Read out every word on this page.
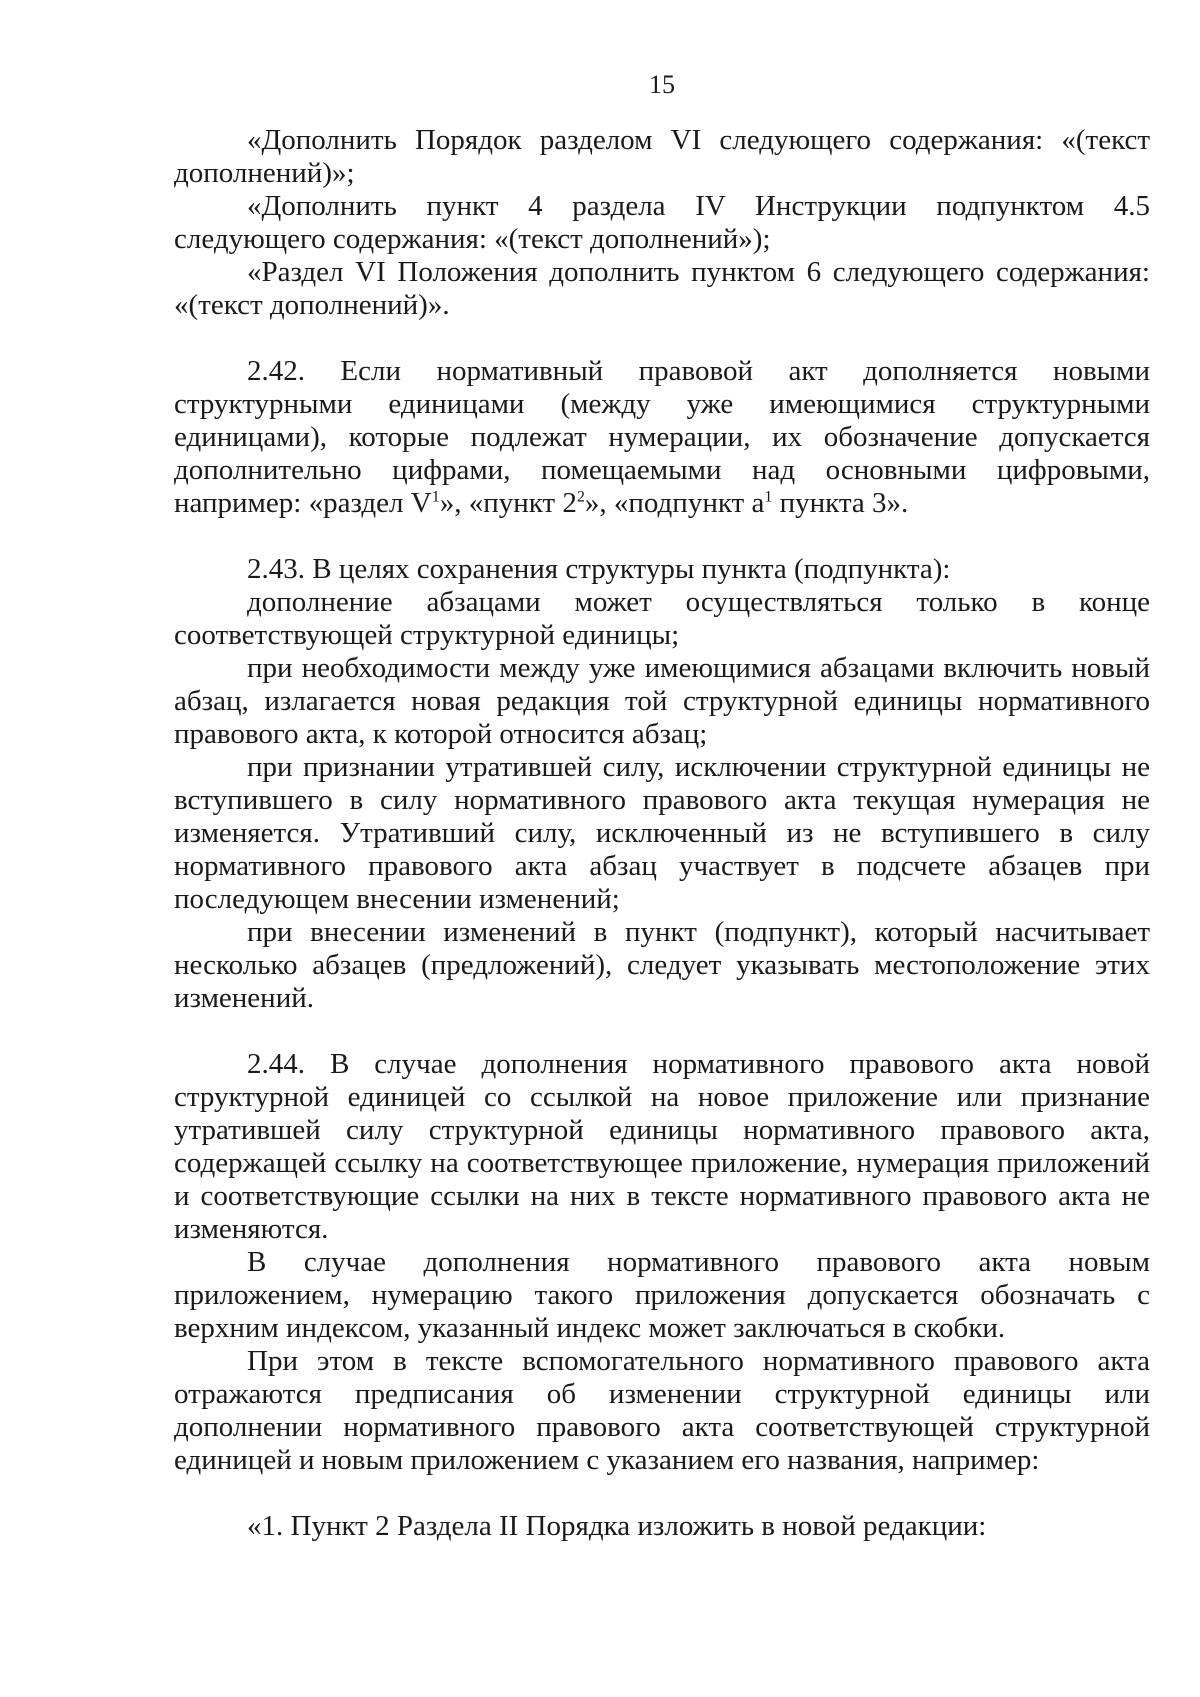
15

«Дополнить Порядок разделом VI следующего содержания: «(текст дополнений)»;

«Дополнить пункт 4 раздела IV Инструкции подпунктом 4.5 следующего содержания: «(текст дополнений»);

«Раздел VI Положения дополнить пунктом 6 следующего содержания: «(текст дополнений)».

2.42. Если нормативный правовой акт дополняется новыми структурными единицами (между уже имеющимися структурными единицами), которые подлежат нумерации, их обозначение допускается дополнительно цифрами, помещаемыми над основными цифровыми, например: «раздел $V^1$», «пункт $2^2$», «подпункт $а^1$ пункта 3».

2.43. В целях сохранения структуры пункта (подпункта):

дополнение абзацами может осуществляться только в конце соответствующей структурной единицы;

при необходимости между уже имеющимися абзацами включить новый абзац, излагается новая редакция той структурной единицы нормативного правового акта, к которой относится абзац;

при признании утратившей силу, исключении структурной единицы не вступившего в силу нормативного правового акта текущая нумерация не изменяется. Утративший силу, исключенный из не вступившего в силу нормативного правового акта абзац участвует в подсчете абзацев при последующем внесении изменений;

при внесении изменений в пункт (подпункт), который насчитывает несколько абзацев (предложений), следует указывать местоположение этих изменений.

2.44. В случае дополнения нормативного правового акта новой структурной единицей со ссылкой на новое приложение или признание утратившей силу структурной единицы нормативного правового акта, содержащей ссылку на соответствующее приложение, нумерация приложений и соответствующие ссылки на них в тексте нормативного правового акта не изменяются.

В случае дополнения нормативного правового акта новым приложением, нумерацию такого приложения допускается обозначать с верхним индексом, указанный индекс может заключаться в скобки.

При этом в тексте вспомогательного нормативного правового акта отражаются предписания об изменении структурной единицы или дополнении нормативного правового акта соответствующей структурной единицей и новым приложением с указанием его названия, например:

«1. Пункт 2 Раздела II Порядка изложить в новой редакции:
